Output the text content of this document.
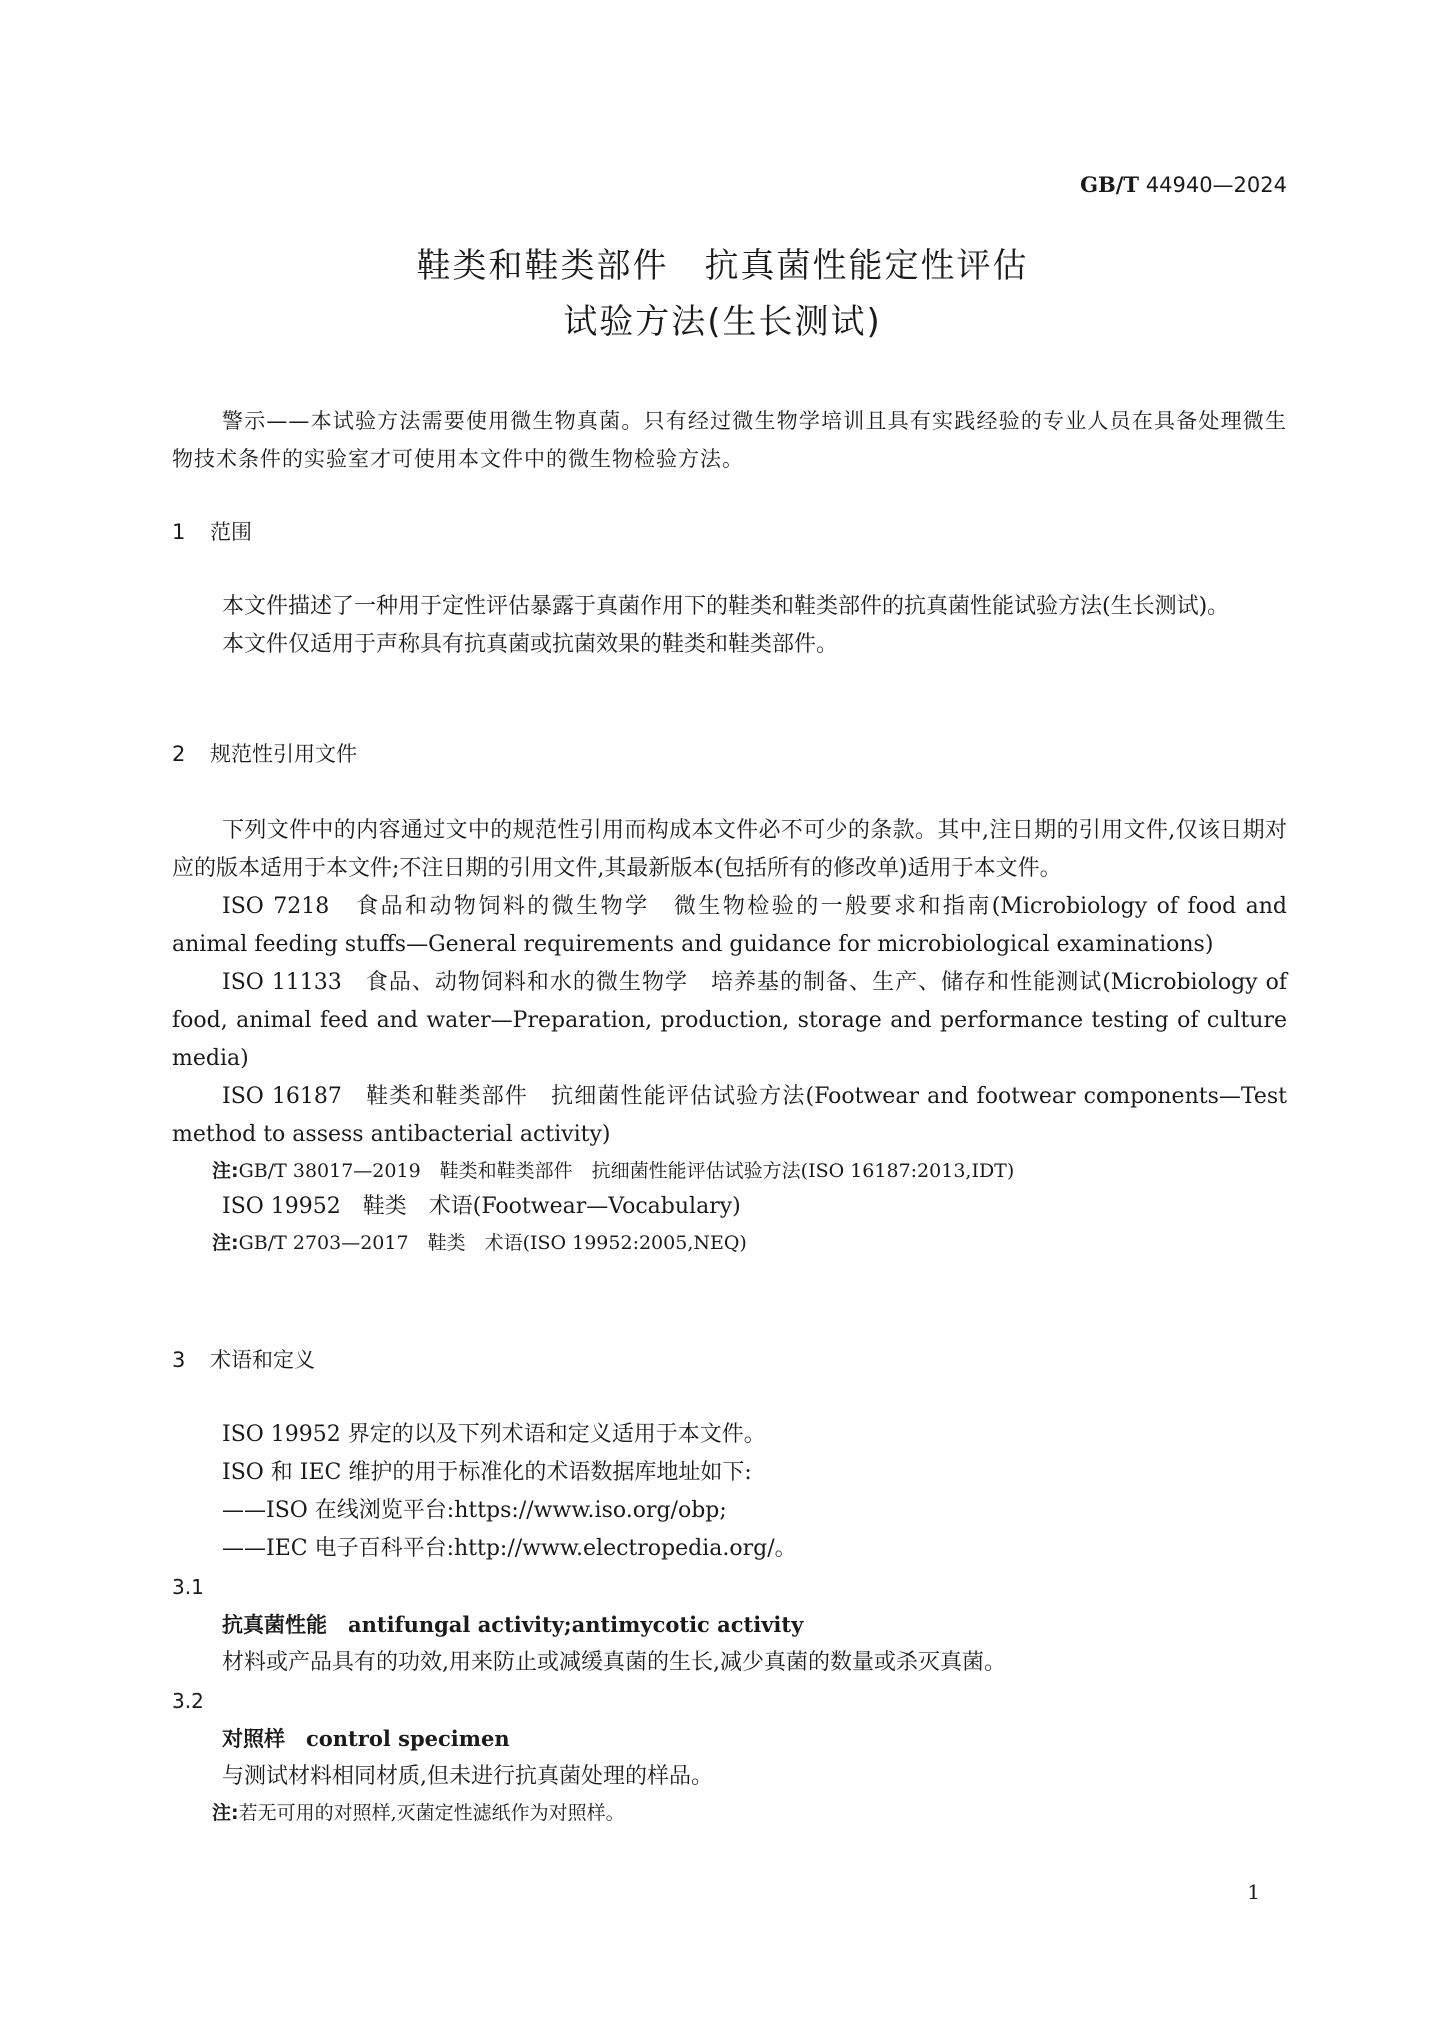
GB/T 44940—2024
鞋类和鞋类部件　抗真菌性能定性评估
试验方法(生长测试)

警示——本试验方法需要使用微生物真菌。只有经过微生物学培训且具有实践经验的专业人员在具备处理微生物技术条件的实验室才可使用本文件中的微生物检验方法。

1 范围

本文件描述了一种用于定性评估暴露于真菌作用下的鞋类和鞋类部件的抗真菌性能试验方法(生长测试)。

本文件仅适用于声称具有抗真菌或抗菌效果的鞋类和鞋类部件。

2 规范性引用文件

下列文件中的内容通过文中的规范性引用而构成本文件必不可少的条款。其中,注日期的引用文件,仅该日期对应的版本适用于本文件;不注日期的引用文件,其最新版本(包括所有的修改单)适用于本文件。

ISO 7218　食品和动物饲料的微生物学　微生物检验的一般要求和指南(Microbiology of food and animal feeding stuffs—General requirements and guidance for microbiological examinations)

ISO 11133　食品、动物饲料和水的微生物学　培养基的制备、生产、储存和性能测试(Microbiology of food, animal feed and water—Preparation, production, storage and performance testing of culture media)

ISO 16187　鞋类和鞋类部件　抗细菌性能评估试验方法(Footwear and footwear components—Test method to assess antibacterial activity)

注:GB/T 38017—2019　鞋类和鞋类部件　抗细菌性能评估试验方法(ISO 16187:2013,IDT)

ISO 19952　鞋类　术语(Footwear—Vocabulary)

注:GB/T 2703—2017　鞋类　术语(ISO 19952:2005,NEQ)

3 术语和定义

ISO 19952 界定的以及下列术语和定义适用于本文件。

ISO 和 IEC 维护的用于标准化的术语数据库地址如下:

——ISO 在线浏览平台:https://www.iso.org/obp;

——IEC 电子百科平台:http://www.electropedia.org/。

3.1
抗真菌性能　 antifungal activity;antimycotic activity

材料或产品具有的功效,用来防止或减缓真菌的生长,减少真菌的数量或杀灭真菌。

3.2
对照样　 control specimen

与测试材料相同材质,但未进行抗真菌处理的样品。

注:若无可用的对照样,灭菌定性滤纸作为对照样。

1
